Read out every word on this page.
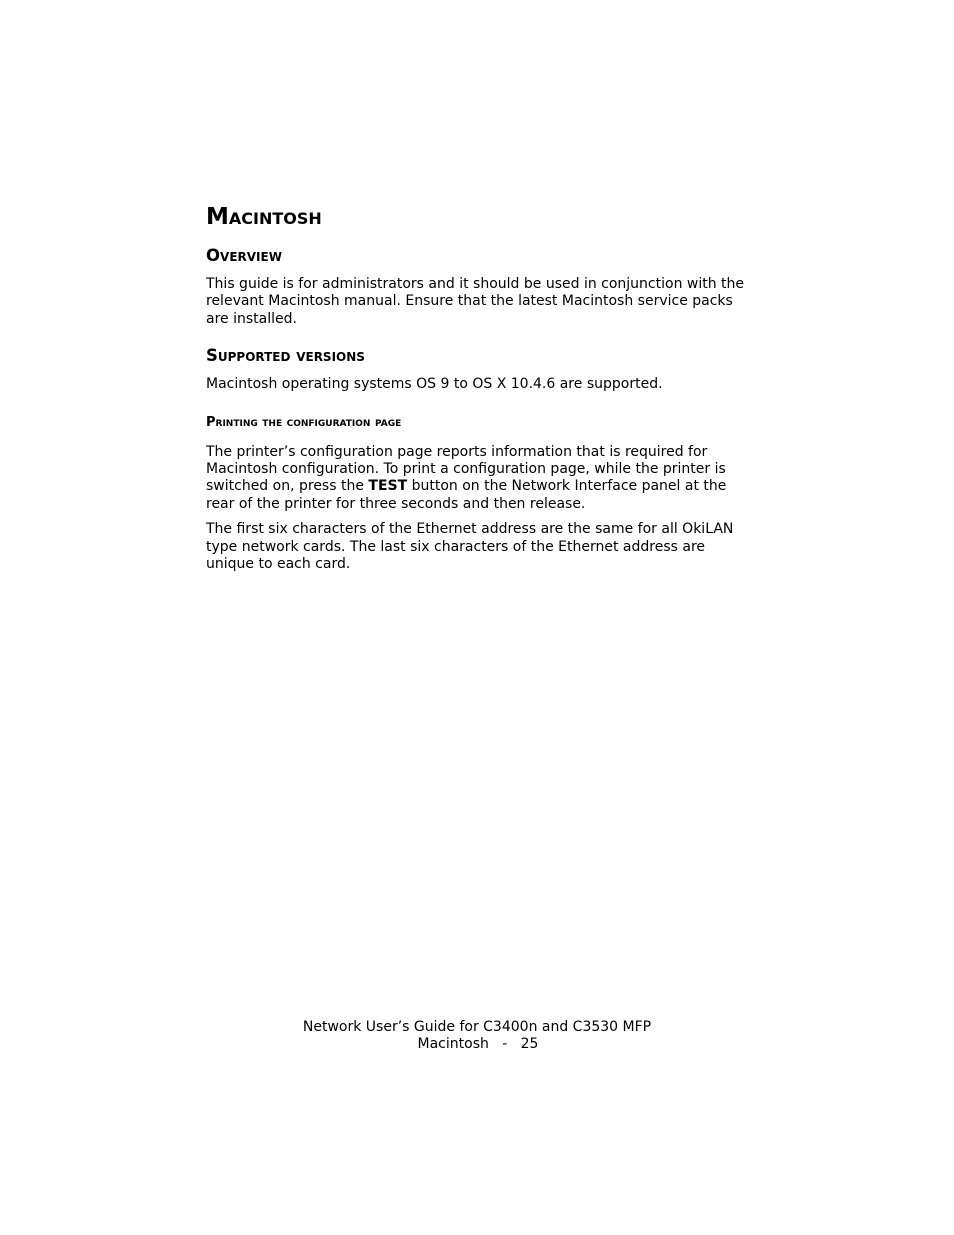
Macintosh
Overview

This guide is for administrators and it should be used in conjunction with the relevant Macintosh manual. Ensure that the latest Macintosh service packs are installed.

Supported versions

Macintosh operating systems OS 9 to OS X 10.4.6 are supported.

Printing the configuration page

The printer’s configuration page reports information that is required for Macintosh configuration. To print a configuration page, while the printer is switched on, press the TEST button on the Network Interface panel at the rear of the printer for three seconds and then release.

The first six characters of the Ethernet address are the same for all OkiLAN type network cards. The last six characters of the Ethernet address are unique to each card.

Network User’s Guide for C3400n and C3530 MFP
Macintosh - 25
